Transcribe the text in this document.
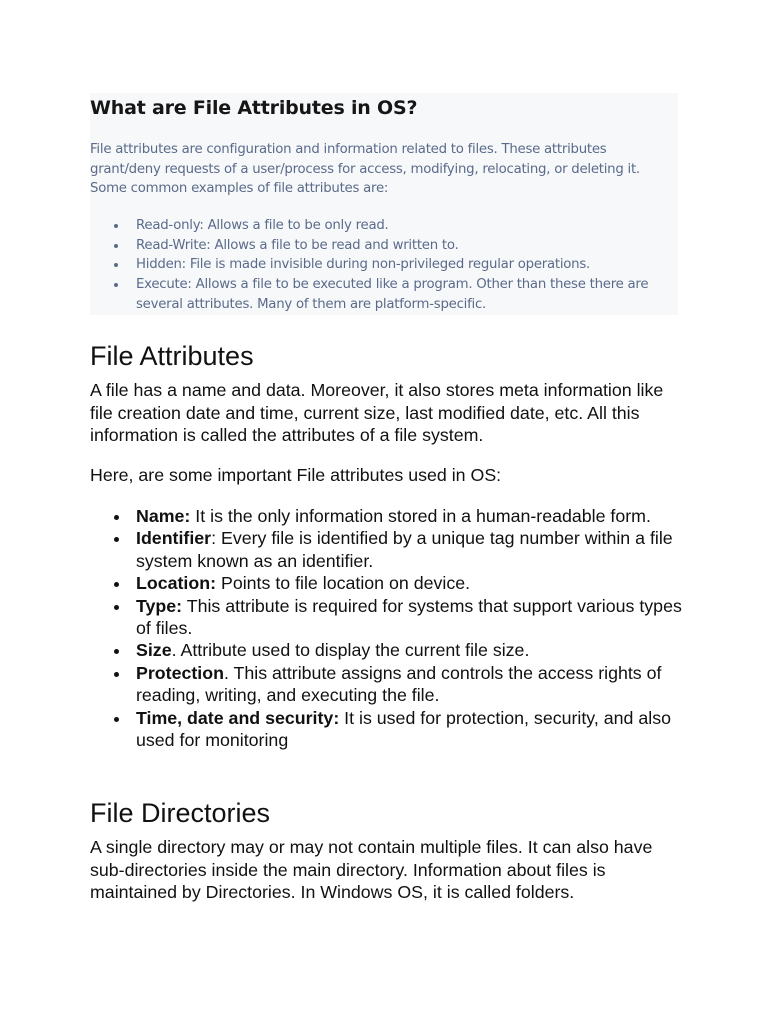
What are File Attributes in OS?

File attributes are configuration and information related to files. These attributes grant/deny requests of a user/process for access, modifying, relocating, or deleting it. Some common examples of file attributes are:

Read-only: Allows a file to be only read.
Read-Write: Allows a file to be read and written to.
Hidden: File is made invisible during non-privileged regular operations.
Execute: Allows a file to be executed like a program. Other than these there are several attributes. Many of them are platform-specific.
File Attributes

A file has a name and data. Moreover, it also stores meta information like file creation date and time, current size, last modified date, etc. All this information is called the attributes of a file system.

Here, are some important File attributes used in OS:

Name: It is the only information stored in a human-readable form.
Identifier: Every file is identified by a unique tag number within a file system known as an identifier.
Location: Points to file location on device.
Type: This attribute is required for systems that support various types of files.
Size. Attribute used to display the current file size.
Protection. This attribute assigns and controls the access rights of reading, writing, and executing the file.
Time, date and security: It is used for protection, security, and also used for monitoring
File Directories

A single directory may or may not contain multiple files. It can also have sub-directories inside the main directory. Information about files is maintained by Directories. In Windows OS, it is called folders.
